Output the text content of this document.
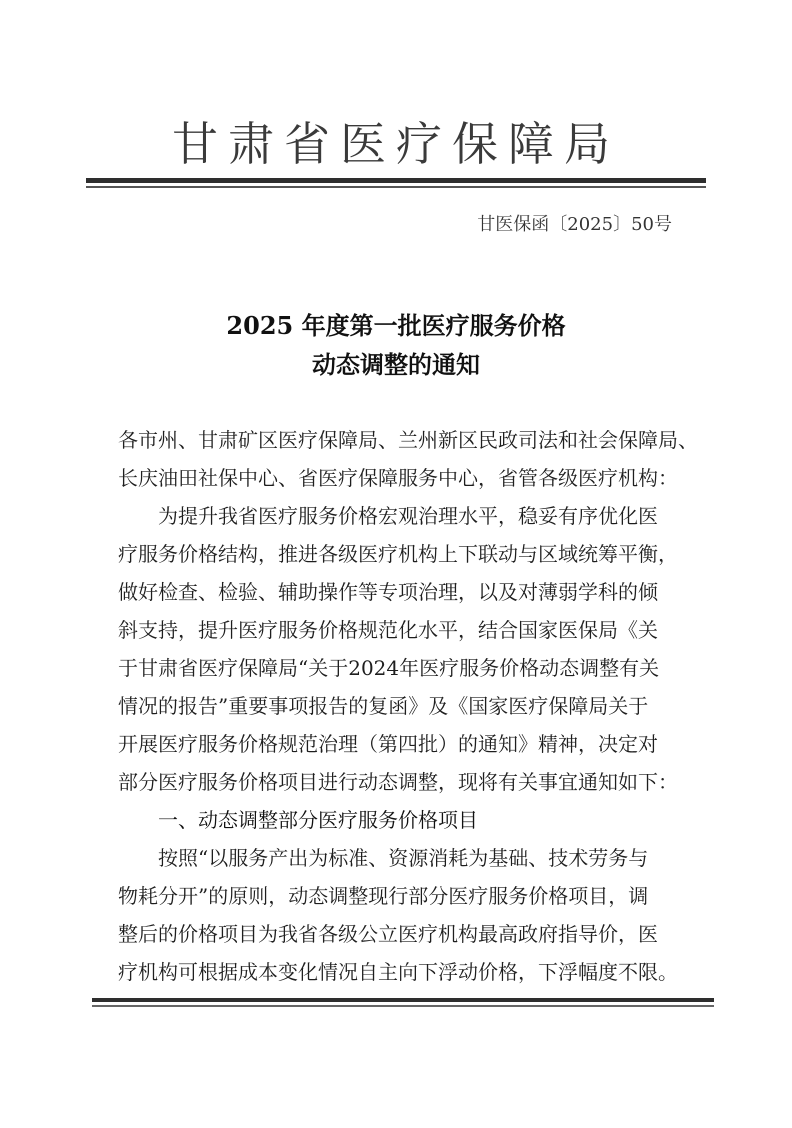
甘肃省医疗保障局
甘医保函〔2025〕50号
2025 年度第一批医疗服务价格
动态调整的通知
各市州、甘肃矿区医疗保障局、兰州新区民政司法和社会保障局、
长庆油田社保中心、省医疗保障服务中心，省管各级医疗机构：
为提升我省医疗服务价格宏观治理水平，稳妥有序优化医
疗服务价格结构，推进各级医疗机构上下联动与区域统筹平衡，
做好检查、检验、辅助操作等专项治理，以及对薄弱学科的倾
斜支持，提升医疗服务价格规范化水平，结合国家医保局《关
于甘肃省医疗保障局“关于2024年医疗服务价格动态调整有关
情况的报告”重要事项报告的复函》及《国家医疗保障局关于
开展医疗服务价格规范治理（第四批）的通知》精神，决定对
部分医疗服务价格项目进行动态调整，现将有关事宜通知如下：
一、动态调整部分医疗服务价格项目
按照“以服务产出为标准、资源消耗为基础、技术劳务与
物耗分开”的原则，动态调整现行部分医疗服务价格项目，调
整后的价格项目为我省各级公立医疗机构最高政府指导价，医
疗机构可根据成本变化情况自主向下浮动价格，下浮幅度不限。
